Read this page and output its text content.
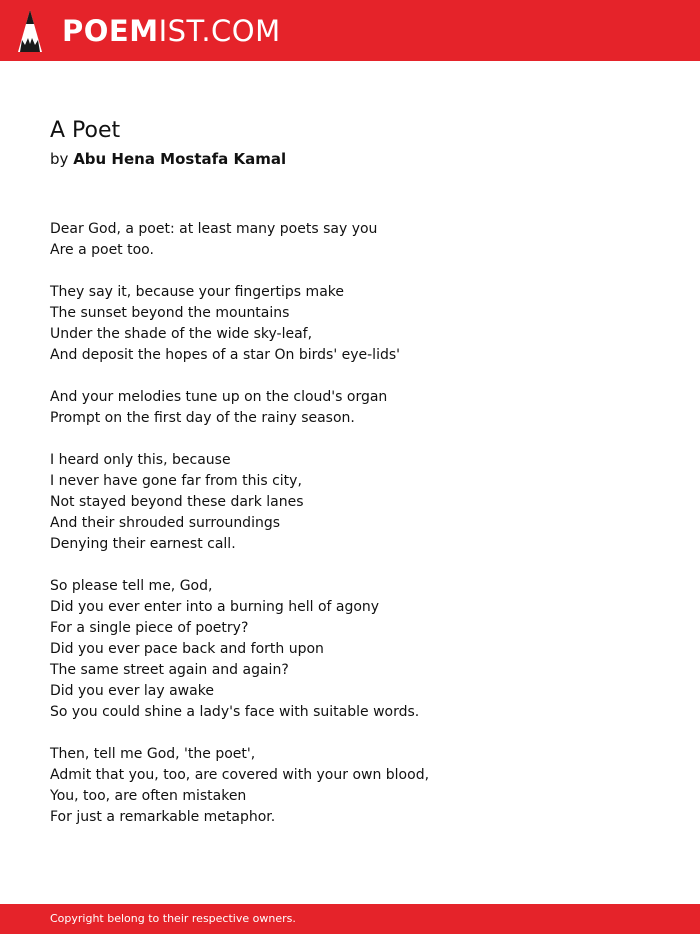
POEMIST.COM
A Poet
by Abu Hena Mostafa Kamal
Dear God, a poet: at least many poets say you
Are a poet too.
They say it, because your fingertips make
The sunset beyond the mountains
Under the shade of the wide sky-leaf,
And deposit the hopes of a star On birds' eye-lids'
And your melodies tune up on the cloud's organ
Prompt on the first day of the rainy season.
I heard only this, because
I never have gone far from this city,
Not stayed beyond these dark lanes
And their shrouded surroundings
Denying their earnest call.
So please tell me, God,
Did you ever enter into a burning hell of agony
For a single piece of poetry?
Did you ever pace back and forth upon
The same street again and again?
Did you ever lay awake
So you could shine a lady's face with suitable words.
Then, tell me God, 'the poet',
Admit that you, too, are covered with your own blood,
You, too, are often mistaken
For just a remarkable metaphor.
Copyright belong to their respective owners.
